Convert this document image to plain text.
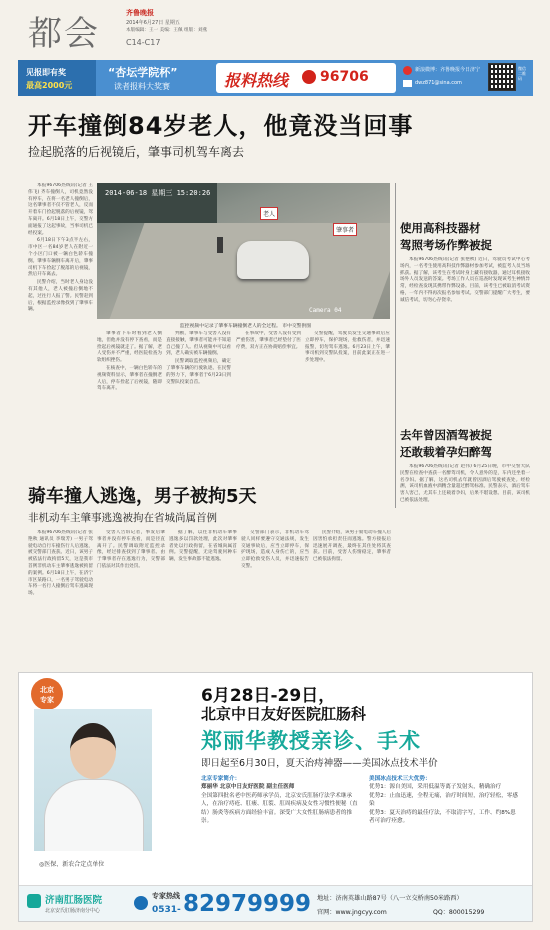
都会
齐鲁晚报
2014年6月27日 星期五
本版编辑：王一 美编：王佩 组版：刘燕
C14-C17
见报即有奖
最高2000元
“杏坛学院杯”
读者报料大奖赛	报料热线 96706	新浪微博：齐鲁晚报今日济宁
dwz871@sina.com
微信二维码
开车撞倒84岁老人，他竟没当回事
捡起脱落的后视镜后，肇事司机驾车离去

本报96706热线讯(记者 王伟飞) 齐车撞倒人，司机竟然没有停车，在将一名老人撞倒后，这名肇事者不仅不管老人，反而开着车门捡起脱落的后视镜，驾车离开。6月18日上午，交警方面通报了这起事故，当事司机已经投案。

6月18日下午3点半左右，市中区一名84岁老人在附近一个小区门口被一辆白色轿车撞倒。肇事车辆倒车离开后，肇事司机下车捡起了脱落的后视镜，然后开车离去。

民警介绍，当时老人身边没有其他人，老人被撞后倒地不起，过往行人报了警。民警赶到后，根据监控录像找到了肇事车辆。

2014-06-18 星期三 15:20:26
老人
肇事者
Camera 04
监控视频中记录了肇事车辆撞倒老人的全过程。 市中交警供图

肇事者下车时看到老人倒地，但他并没有停下查看，而是捡起后视镜就走了。据了解，老人受伤并不严重，经医院检查为软组织挫伤。

在核查中，一辆白色轿车的视频资料显示，肇事者在撞倒老人后，停车捡起了后视镜，随即驾车离开。

判断，肇事车与受害人没有直接接触，肇事者可能并不知道自己撞了人。但从视频中可以看到，老人确实被车辆撞倒。

民警调取监控视频后，确定了肇事车辆的行驶轨迹。在民警的努力下，肇事者于6月23日到交警队投案自首。

在事故中，受害人没有受到严重伤害，肇事者已经垫付了医疗费，双方正在协商赔偿事宜。

交警提醒，驾驶员发生交通事故后应立即停车，保护现场，抢救伤者，并迅速报警，切勿驾车逃逸。6月23日上午，肇事司机到交警队投案，目前此案正在进一步处理中。

使用高科技器材
驾照考场作弊被捉

本报96706热线讯(记者 张艳秋) 近日，驾驶员考试中心考场内，一名考生使用高科技作弊器材参加考试，被监考人员当场抓获。据了解，该考生在考试时身上藏有接收器，通过耳机接收场外人员发送的答案。考场工作人员在巡查时发现该考生神情异常，经检查发现其携带作弊设备。目前，该考生已被取消考试资格，一年内不得再次报名参加考试。交警部门提醒广大考生，要诚信考试，切勿心存侥幸。

去年曾因酒驾被捉
还敢载着孕妇醉驾

本报96706热线讯(记者 赵伟) 6月25日晚，市中交警大队民警在检查中查获一名醉驾司机，令人意外的是，车内还坐着一名孕妇。据了解，这名司机去年就曾因酒后驾驶被查处。经检测，该司机血液中酒精含量超过醉驾标准。民警表示，酒后驾车害人害己，尤其车上还载着孕妇，后果不堪设想。目前，该司机已被依法处理。

骑车撞人逃逸，男子被拘5天
非机动车主肇事逃逸被拘在省城尚属首例

本报96706热线讯(记者 张艳秋 通讯员 李瑞芳) 一男子驾驶电动自行车撞伤行人后逃逸，被交警部门查获。近日，该男子被依法行政拘留5天，这是我市首例非机动车主肇事逃逸被拘留的案例。6月18日上午，在济宁市区某路口，一名男子驾驶电动车将一名行人撞倒后驾车逃离现场。

受害人告诉记者，事发后肇事者并没有停车查看，而是径直离开了。民警调取附近监控录像，经过排查找到了肇事者。由于肇事者存在逃逸行为，交警部门依法对其作出处罚。

据了解，以往非机动车肇事逃逸多以罚款处理，此次对肇事者处以行政拘留，在省城尚属首例。交警提醒，无论驾驶何种车辆，发生事故都不能逃逸。

交警部门表示，非机动车驾驶人同样要遵守交通法规，发生交通事故后，应当立即停车，保护现场，造成人身伤亡的，应当立即抢救受伤人员，并迅速报告交警。

民警介绍，该男子骑电动车撞人后因害怕承担责任而逃逸。警方接报后迅速展开调查，最终在其住处将其查获。目前，受害人伤情稳定，肇事者已被依法拘留。

北京
专家
◎医保、新农合定点单位
6月28日-29日，
北京中日友好医院肛肠科
郑丽华教授亲诊、手术
即日起至6月30日，夏天治痔神器——美国冰点技术半价
北京专家简介：
郑丽华 北京中日友好医院 副主任医师
全国第四批名老中医药师承学员，北京安氏肛肠疗法学术继承人，在治疗痔疮、肛瘘、肛裂、肛周疾病及女性习惯性便秘（直结）肠炎等疾病方面经验丰富。深受广大女性肛肠病患者的推崇。
美国冰点技术三大优势：
优势1：源自美国，采用低温等离子发射头，精确治疗
优势2：止血迅速，全程无痛，治疗时间短，治疗轻松，零感染
优势3：夏天治痔的最佳疗法，不取清字写，工作、约8%患者可治疗痊愈。
济南肛肠医院
北京安氏肛肠济南分中心
专家热线
0531- 82979999 地址：济南英雄山路87号（八一立交桥南50米路西）
官网：www.jngcyy.com	QQ：800015299
